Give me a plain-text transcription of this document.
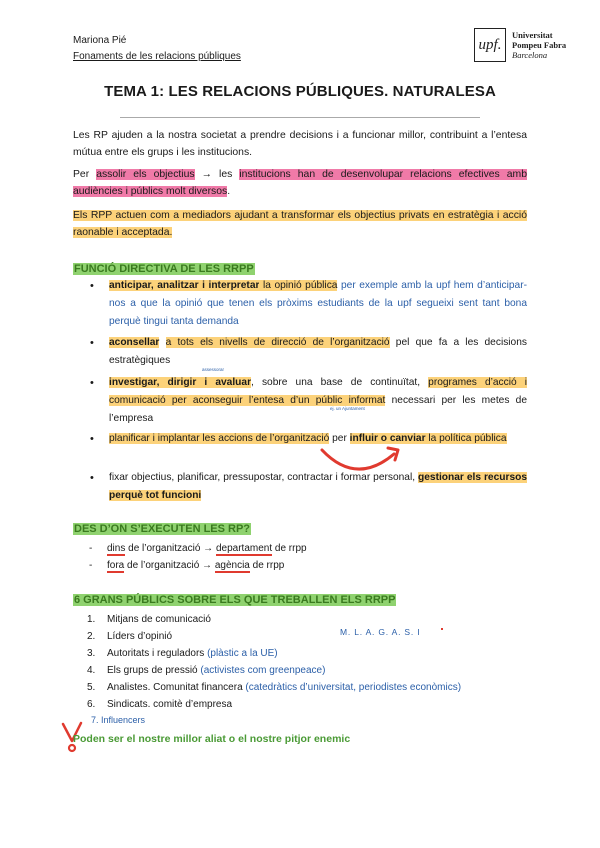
Mariona Pié
Fonaments de les relacions públiques
upf.
Universitat
Pompeu Fabra
Barcelona
TEMA 1: LES RELACIONS PÚBLIQUES. NATURALESA

Les RP ajuden a la nostra societat a prendre decisions i a funcionar millor, contribuint a l’entesa mútua entre els grups i les institucions.

Per assolir els objectius → les institucions han de desenvolupar relacions efectives amb audiències i públics molt diversos.

Els RPP actuen com a mediadors ajudant a transformar els objectius privats en estratègia i acció raonable i acceptada.

FUNCIÓ DIRECTIVA DE LES RRPP
• anticipar, analitzar i interpretar la opinió pública per exemple amb la upf hem d’anticipar-nos a que la opinió que tenen els pròxims estudiants de la upf segueixi sent tant bona perquè tingui tanta demanda

• aconsellar a tots els nivells de direcció de l’organització pel que fa a les decisions estratègiques

assessorar
• investigar, dirigir i avaluar, sobre una base de continuïtat, programes d’acció i comunicació per aconseguir l’entesa d’un públic informat necessari per les metes de l’empresa

ej. un Ajuntament
• planificar i implantar les accions de l’organització per influir o canviar la política pública

• fixar objectius, planificar, pressupostar, contractar i formar personal, gestionar els recursos perquè tot funcioni

DES D’ON S’EXECUTEN LES RP?
- dins de l’organització → departament de rrpp
- fora de l’organització → agència de rrpp
6 GRANS PÚBLICS SOBRE ELS QUE TREBALLEN ELS RRPP
1. Mitjans de comunicació
2. Líders d’opinió
3. Autoritats i reguladors (plàstic a la UE)
4. Els grups de pressió (activistes com greenpeace)
5. Analistes. Comunitat financera (catedràtics d’universitat, periodistes econòmics)
6. Sindicats. comitè d’empresa
M. L. A. G. A. S. I
7. Influencers
Poden ser el nostre millor aliat o el nostre pitjor enemic
